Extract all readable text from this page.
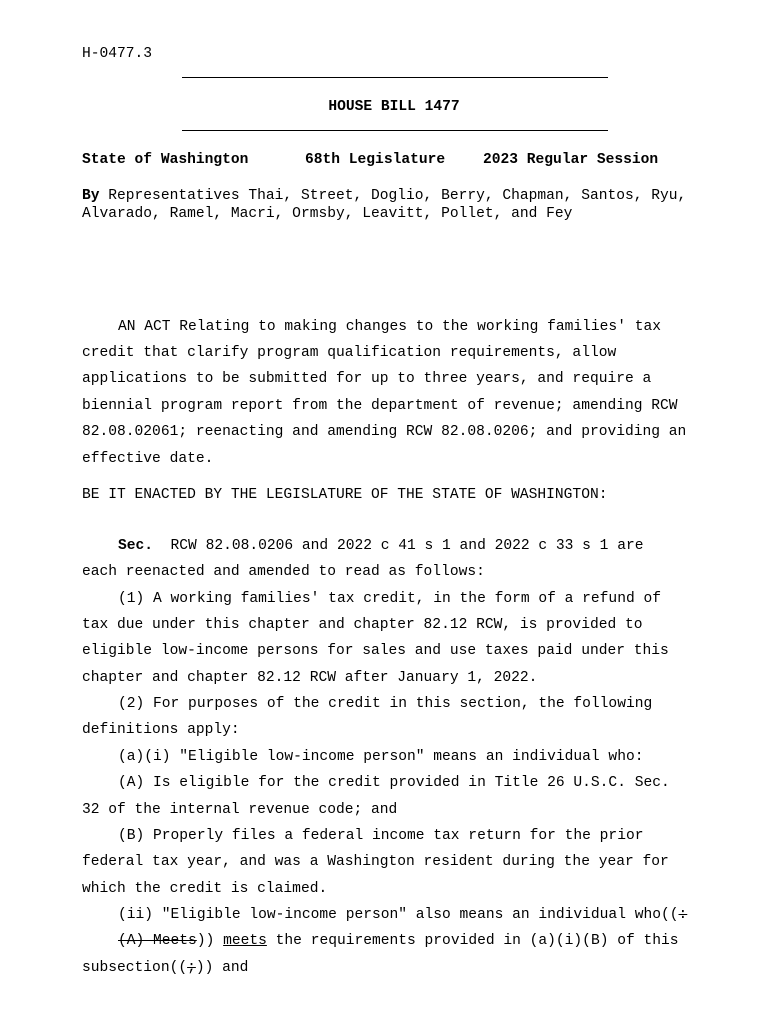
H-0477.3
HOUSE BILL 1477
State of Washington	68th Legislature	2023 Regular Session
By Representatives Thai, Street, Doglio, Berry, Chapman, Santos, Ryu,
Alvarado, Ramel, Macri, Ormsby, Leavitt, Pollet, and Fey
AN ACT Relating to making changes to the working families' tax
credit that clarify program qualification requirements, allow
applications to be submitted for up to three years, and require a
biennial program report from the department of revenue; amending RCW
82.08.02061; reenacting and amending RCW 82.08.0206; and providing an
effective date.
BE IT ENACTED BY THE LEGISLATURE OF THE STATE OF WASHINGTON:
Sec.  RCW 82.08.0206 and 2022 c 41 s 1 and 2022 c 33 s 1 are
each reenacted and amended to read as follows:
(1) A working families' tax credit, in the form of a refund of
tax due under this chapter and chapter 82.12 RCW, is provided to
eligible low-income persons for sales and use taxes paid under this
chapter and chapter 82.12 RCW after January 1, 2022.
(2) For purposes of the credit in this section, the following
definitions apply:
(a)(i) "Eligible low-income person" means an individual who:
(A) Is eligible for the credit provided in Title 26 U.S.C. Sec.
32 of the internal revenue code; and
(B) Properly files a federal income tax return for the prior
federal tax year, and was a Washington resident during the year for
which the credit is claimed.
(ii) "Eligible low-income person" also means an individual who((:
(A) Meets)) meets the requirements provided in (a)(i)(B) of this
subsection((;)) and
